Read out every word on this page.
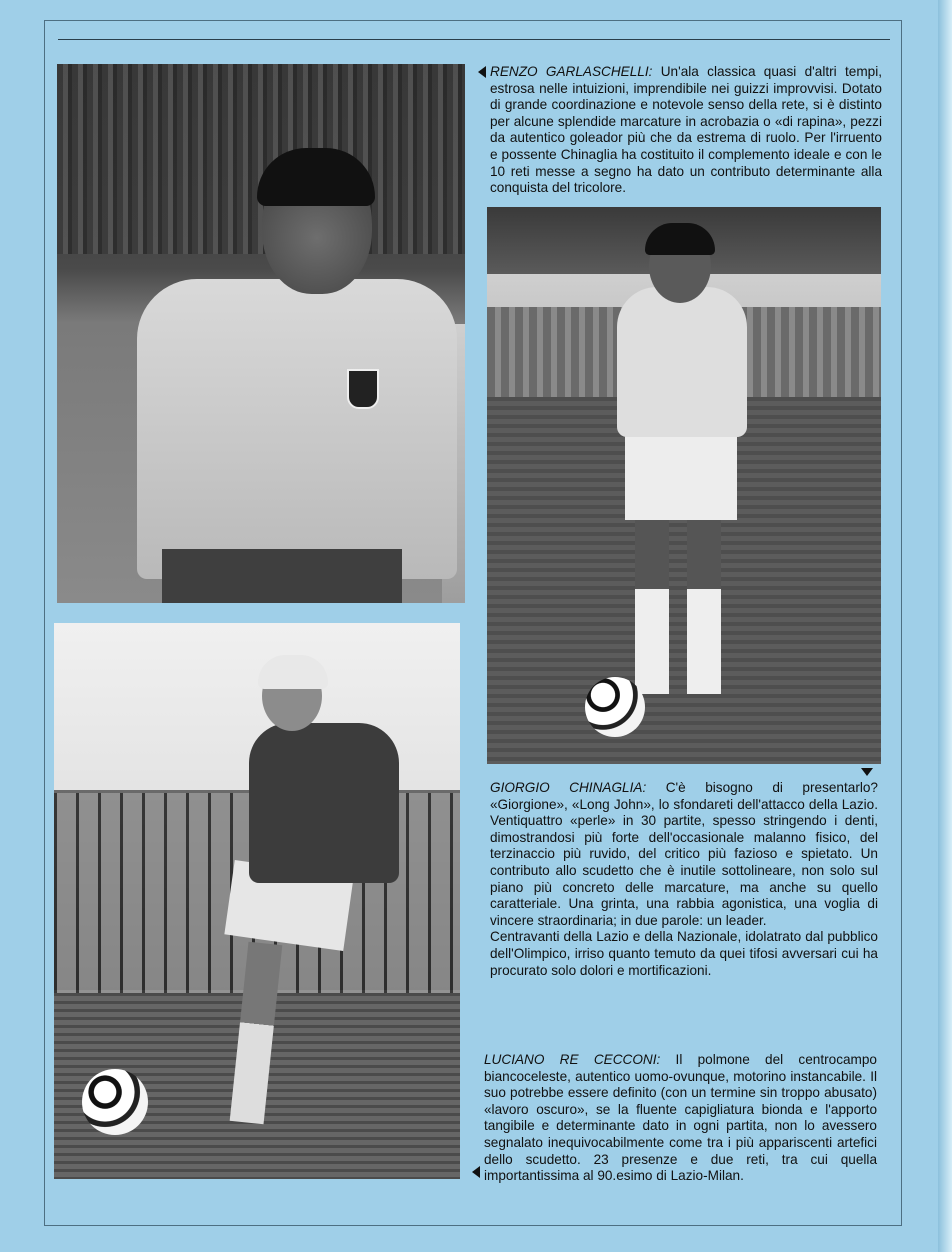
RENZO GARLASCHELLI: Un'ala classica quasi d'altri tempi, estrosa nelle intuizioni, imprendibile nei guizzi improvvisi. Dotato di grande coordinazione e notevole senso della rete, si è distinto per alcune splendide marcature in acrobazia o «di rapina», pezzi da autentico goleador più che da estrema di ruolo. Per l'irruento e possente Chinaglia ha costituito il complemento ideale e con le 10 reti messe a segno ha dato un contributo determinante alla conquista del tricolore.

GIORGIO CHINAGLIA: C'è bisogno di presentarlo? «Giorgione», «Long John», lo sfondareti dell'attacco della Lazio. Ventiquattro «perle» in 30 partite, spesso stringendo i denti, dimostrandosi più forte dell'occasionale malanno fisico, del terzinaccio più ruvido, del critico più fazioso e spietato. Un contributo allo scudetto che è inutile sottolineare, non solo sul piano più concreto delle marcature, ma anche su quello caratteriale. Una grinta, una rabbia agonistica, una voglia di vincere straordinaria; in due parole: un leader.

Centravanti della Lazio e della Nazionale, idolatrato dal pubblico dell'Olimpico, irriso quanto temuto da quei tifosi avversari cui ha procurato solo dolori e mortificazioni.

LUCIANO RE CECCONI: Il polmone del centrocampo biancoceleste, autentico uomo-ovunque, motorino instancabile. Il suo potrebbe essere definito (con un termine sin troppo abusato) «lavoro oscuro», se la fluente capigliatura bionda e l'apporto tangibile e determinante dato in ogni partita, non lo avessero segnalato inequivocabilmente come tra i più appariscenti artefici dello scudetto. 23 presenze e due reti, tra cui quella importantissima al 90.esimo di Lazio-Milan.
